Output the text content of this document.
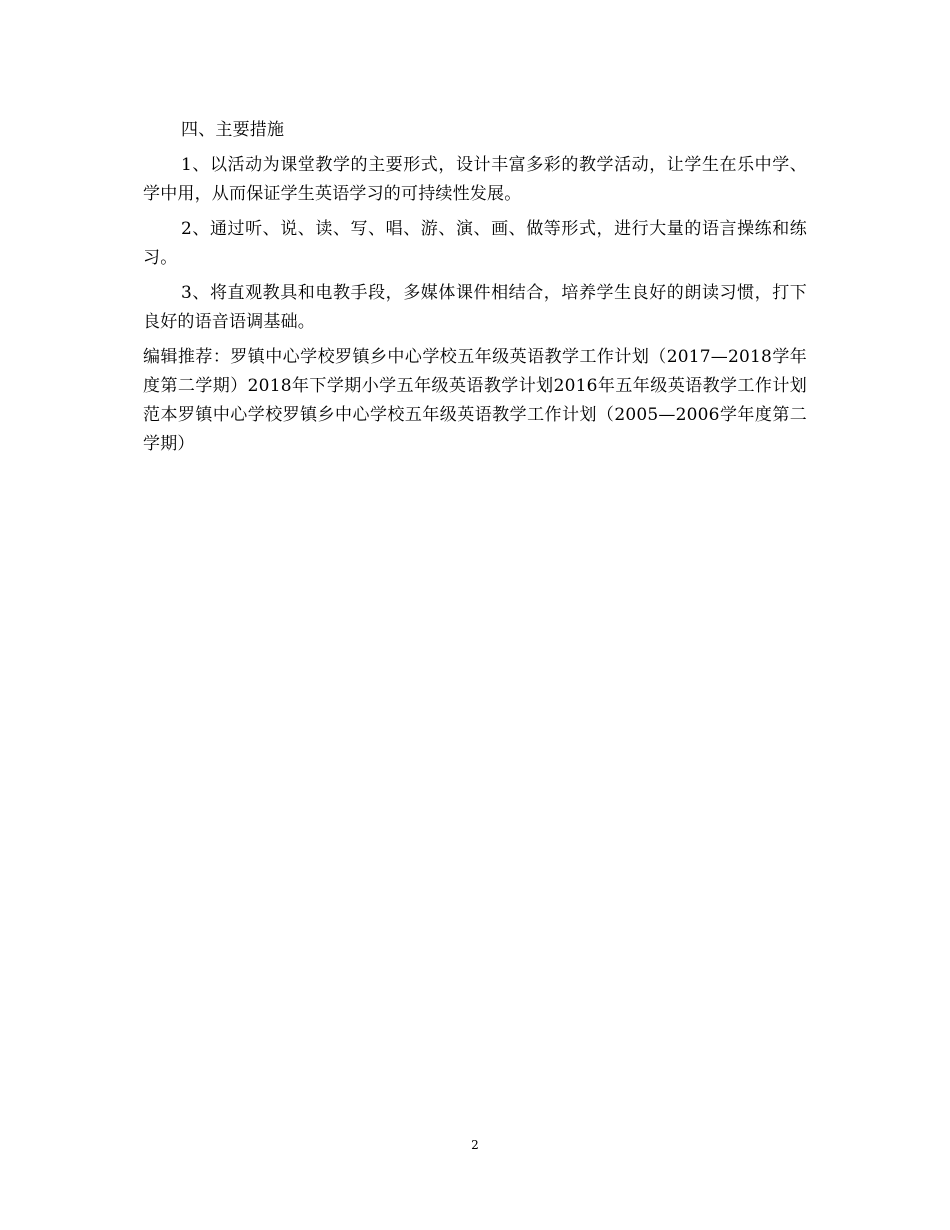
四、主要措施

1、以活动为课堂教学的主要形式，设计丰富多彩的教学活动，让学生在乐中学、学中用，从而保证学生英语学习的可持续性发展。

2、通过听、说、读、写、唱、游、演、画、做等形式，进行大量的语言操练和练习。

3、将直观教具和电教手段，多媒体课件相结合，培养学生良好的朗读习惯，打下良好的语音语调基础。

编辑推荐：罗镇中心学校罗镇乡中心学校五年级英语教学工作计划（2017—2018学年度第二学期）2018年下学期小学五年级英语教学计划2016年五年级英语教学工作计划范本罗镇中心学校罗镇乡中心学校五年级英语教学工作计划（2005—2006学年度第二学期）

2
